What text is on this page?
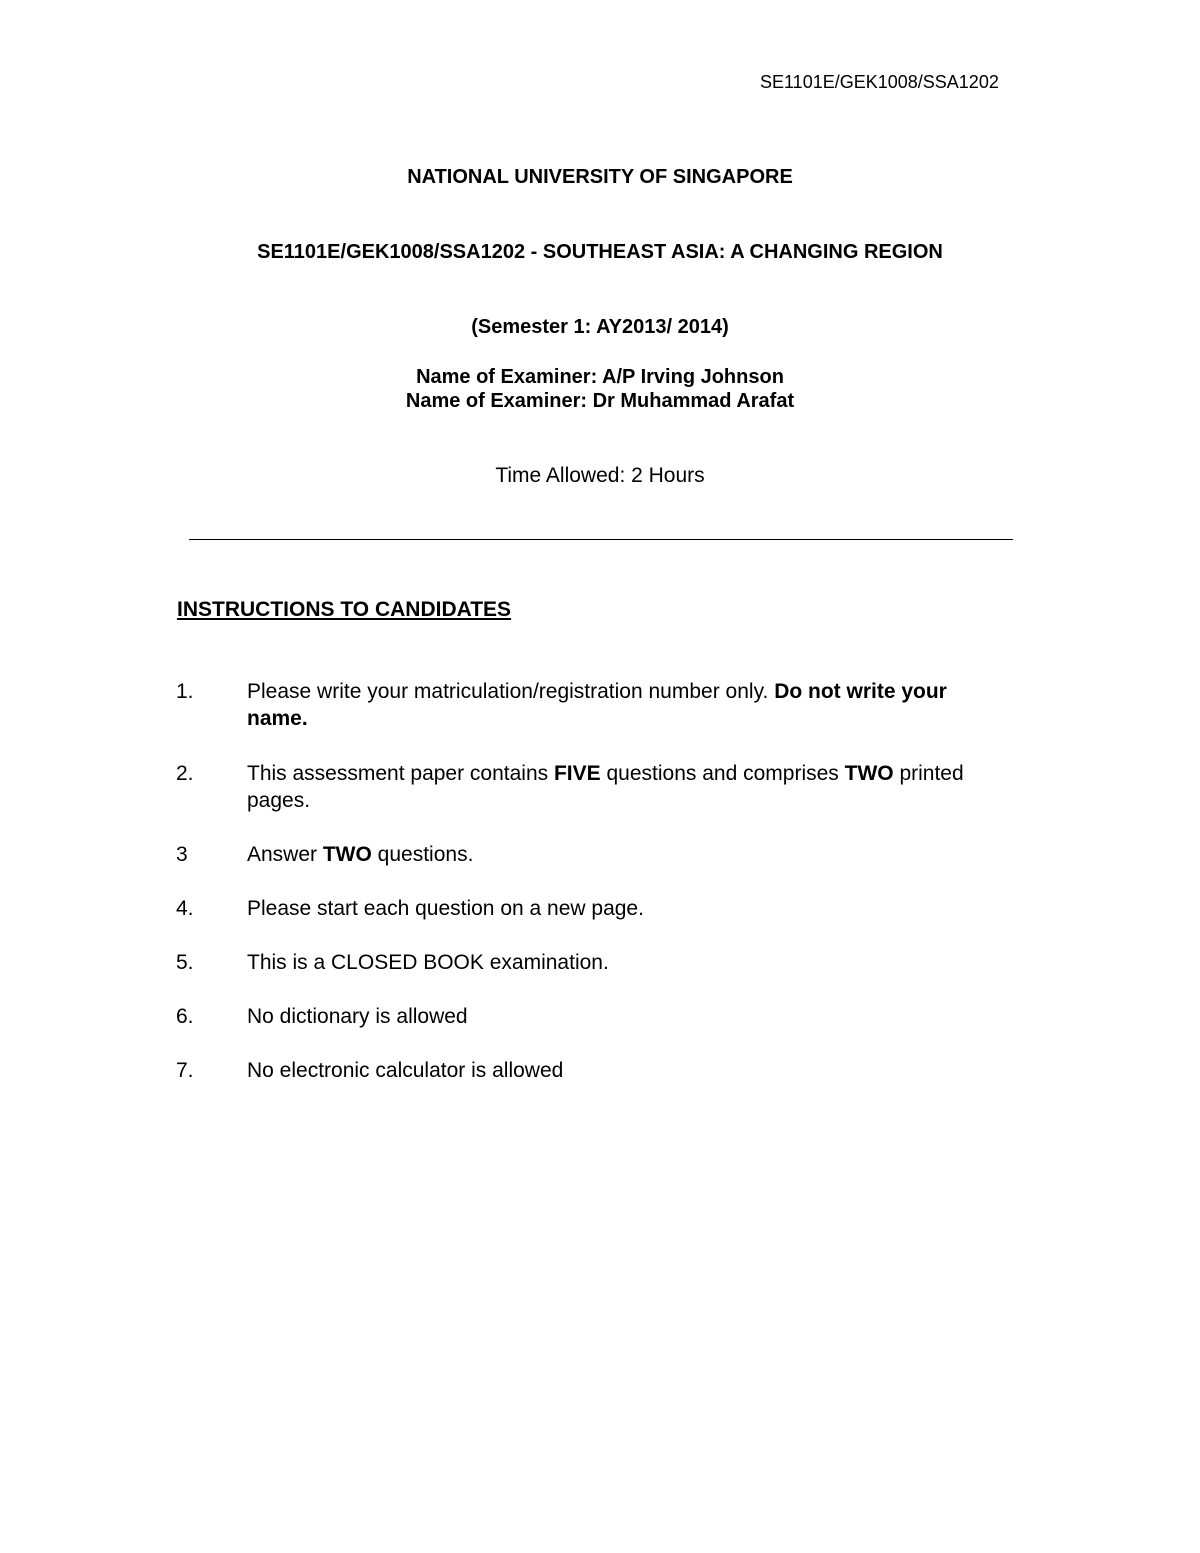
SE1101E/GEK1008/SSA1202
NATIONAL UNIVERSITY OF SINGAPORE
SE1101E/GEK1008/SSA1202 - SOUTHEAST ASIA: A CHANGING REGION
(Semester 1: AY2013/ 2014)
Name of Examiner: A/P Irving Johnson
Name of Examiner: Dr Muhammad Arafat
Time Allowed: 2 Hours
INSTRUCTIONS TO CANDIDATES
1.	Please write your matriculation/registration number only. Do not write your name.
2.	This assessment paper contains FIVE questions and comprises TWO printed pages.
3	Answer TWO questions.
4.	Please start each question on a new page.
5.	This is a CLOSED BOOK examination.
6.	No dictionary is allowed
7.	No electronic calculator is allowed
